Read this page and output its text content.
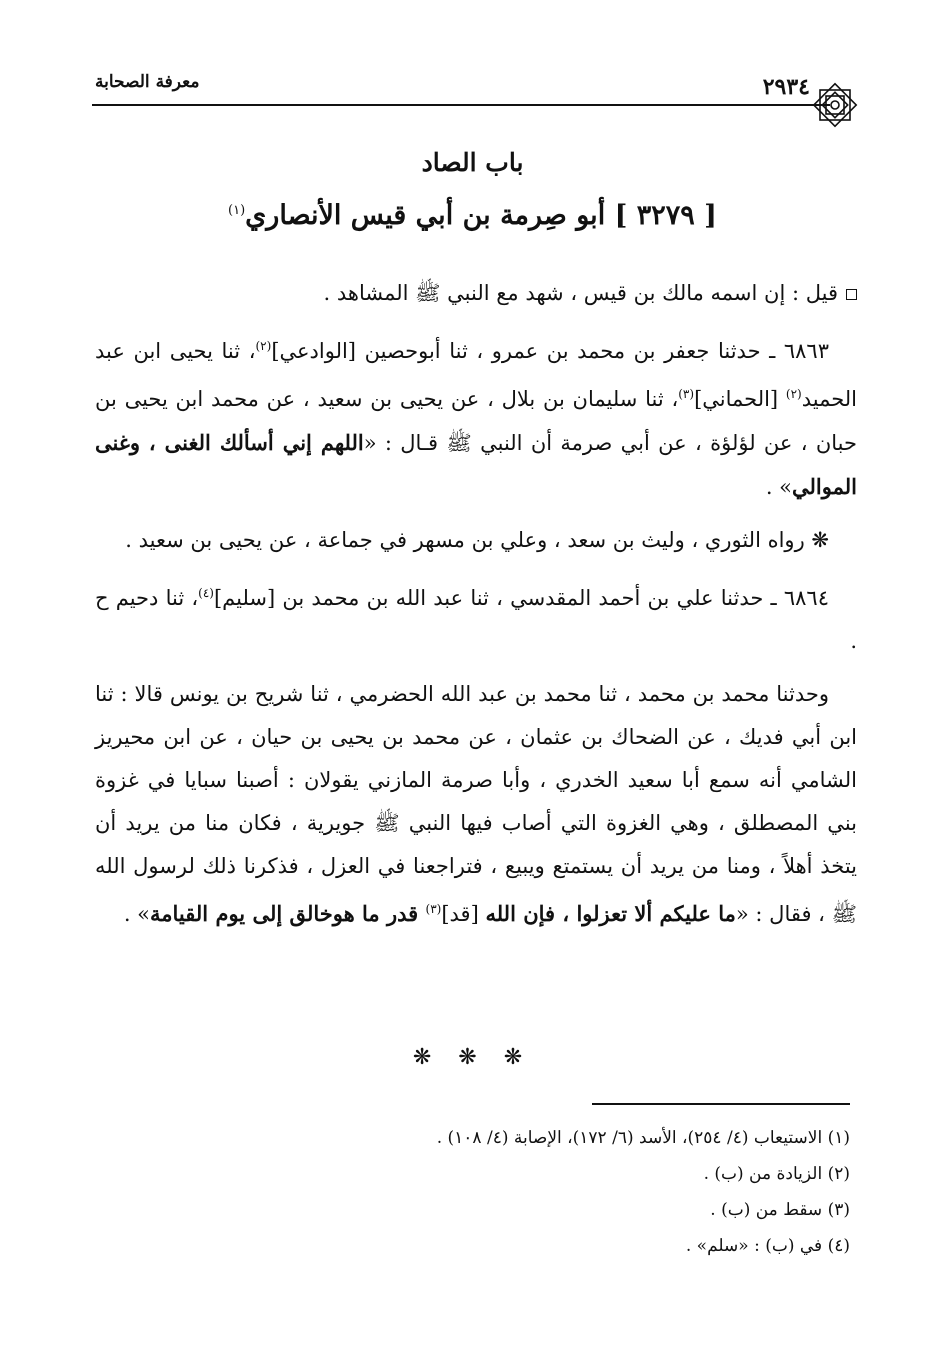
معرفة الصحابة	٢٩٣٤
باب الصاد
[ ٣٢٧٩ ] أبو صِرمة بن أبي قيس الأنصاري$^{(١)}$

قيل : إن اسمه مالك بن قيس ، شهد مع النبي ﷺ المشاهد .

٦٨٦٣ ـ حدثنا جعفر بن محمد بن عمرو ، ثنا أبوحصين [الوادعي]$^{(٢)}$، ثنا يحيى ابن عبد الحميد$^{(٢)}$ [الحماني]$^{(٣)}$، ثنا سليمان بن بلال ، عن يحيى بن سعيد ، عن محمد ابن يحيى بن حبان ، عن لؤلؤة ، عن أبي صرمة أن النبي ﷺ قـال : «اللهم إني أسألك الغنى ، وغنى الموالي» .

❋ رواه الثوري ، وليث بن سعد ، وعلي بن مسهر في جماعة ، عن يحيى بن سعيد .

٦٨٦٤ ـ حدثنا علي بن أحمد المقدسي ، ثنا عبد الله بن محمد بن [سليم]$^{(٤)}$، ثنا دحيم ح .

وحدثنا محمد بن محمد ، ثنا محمد بن عبد الله الحضرمي ، ثنا شريح بن يونس قالا : ثنا ابن أبي فديك ، عن الضحاك بن عثمان ، عن محمد بن يحيى بن حيان ، عن ابن محيريز الشامي أنه سمع أبا سعيد الخدري ، وأبا صرمة المازني يقولان : أصبنا سبايا في غزوة بني المصطلق ، وهي الغزوة التي أصاب فيها النبي ﷺ جويرية ، فكان منا من يريد أن يتخذ أهلاً ، ومنا من يريد أن يستمتع ويبيع ، فتراجعنا في العزل ، فذكرنا ذلك لرسول الله ﷺ ، فقال : «ما عليكم ألا تعزلوا ، فإن الله [قد]$^{(٣)}$ قدر ما هوخالق إلى يوم القيامة» .

❋ ❋ ❋
(١) الاستيعاب (٤/ ٢٥٤)، الأسد (٦/ ١٧٢)، الإصابة (٤/ ١٠٨) .
(٢) الزيادة من (ب) .
(٣) سقط من (ب) .
(٤) في (ب) : «سلم» .
